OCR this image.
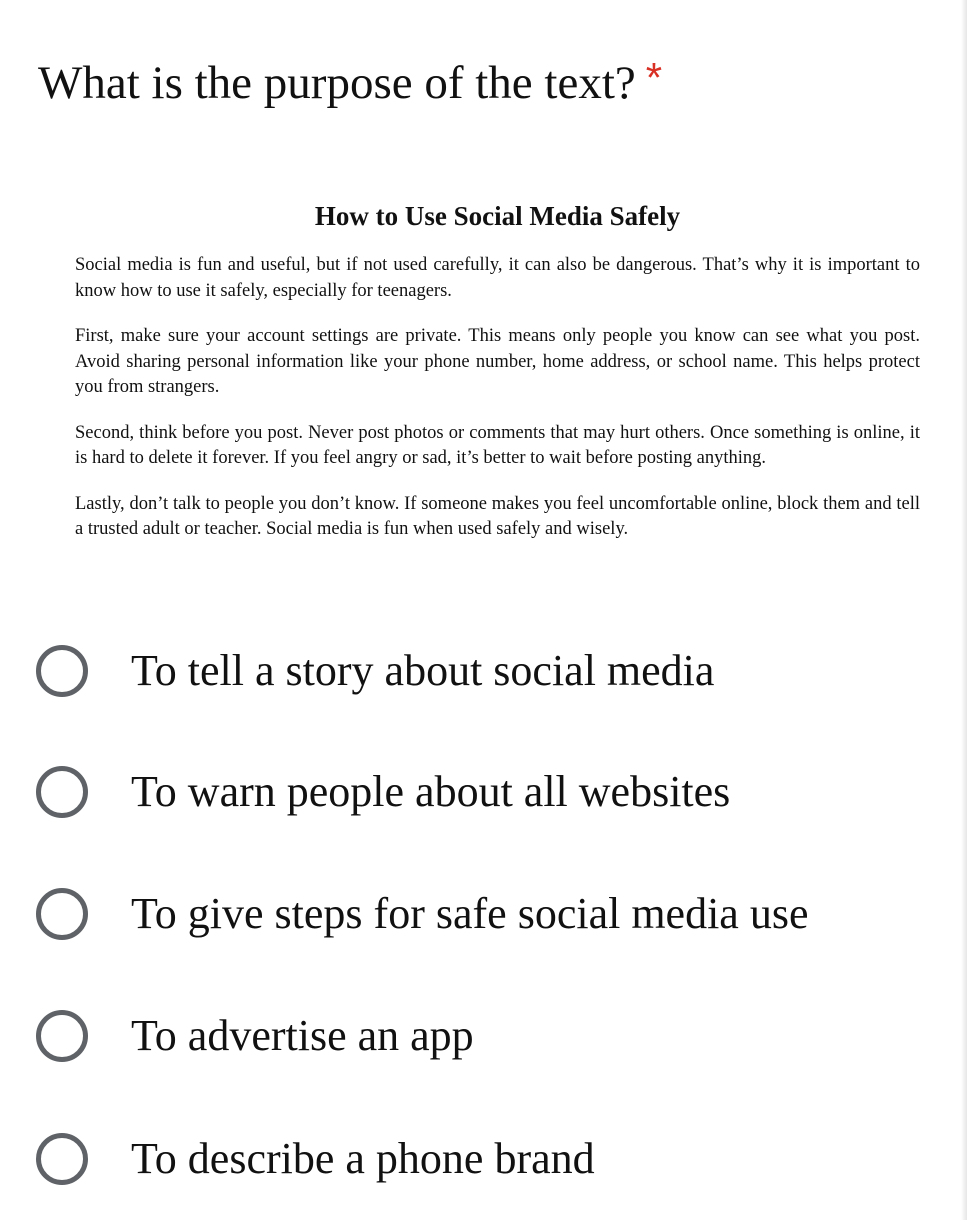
What is the purpose of the text? *
How to Use Social Media Safely

Social media is fun and useful, but if not used carefully, it can also be dangerous. That’s why it is important to know how to use it safely, especially for teenagers.

First, make sure your account settings are private. This means only people you know can see what you post. Avoid sharing personal information like your phone number, home address, or school name. This helps protect you from strangers.

Second, think before you post. Never post photos or comments that may hurt others. Once something is online, it is hard to delete it forever. If you feel angry or sad, it’s better to wait before posting anything.

Lastly, don’t talk to people you don’t know. If someone makes you feel uncomfortable online, block them and tell a trusted adult or teacher. Social media is fun when used safely and wisely.

To tell a story about social media
To warn people about all websites
To give steps for safe social media use
To advertise an app
To describe a phone brand
